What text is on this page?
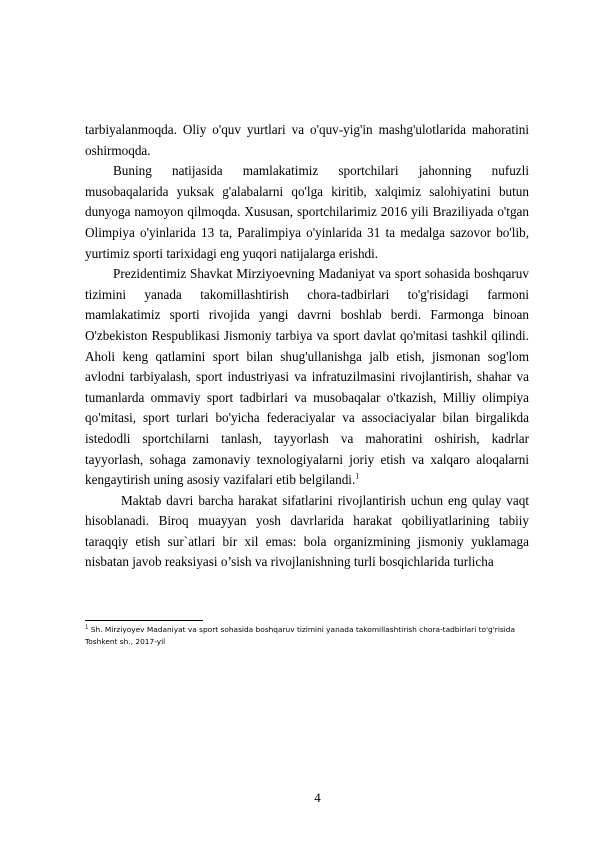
tarbiyalanmoqda. Oliy o'quv yurtlari va o'quv-yig'in mashg'ulotlarida mahoratini oshirmoqda.

Buning natijasida mamlakatimiz sportchilari jahonning nufuzli musobaqalarida yuksak g'alabalarni qo'lga kiritib, xalqimiz salohiyatini butun dunyoga namoyon qilmoqda. Xususan, sportchilarimiz 2016 yili Braziliyada o'tgan Olimpiya o'yinlarida 13 ta, Paralimpiya o'yinlarida 31 ta medalga sazovor bo'lib, yurtimiz sporti tarixidagi eng yuqori natijalarga erishdi.

Prezidentimiz Shavkat Mirziyoevning Madaniyat va sport sohasida boshqaruv tizimini yanada takomillashtirish chora-tadbirlari to'g'risidagi farmoni mamlakatimiz sporti rivojida yangi davrni boshlab berdi. Farmonga binoan O'zbekiston Respublikasi Jismoniy tarbiya va sport davlat qo'mitasi tashkil qilindi. Aholi keng qatlamini sport bilan shug'ullanishga jalb etish, jismonan sog'lom avlodni tarbiyalash, sport industriyasi va infratuzilmasini rivojlantirish, shahar va tumanlarda ommaviy sport tadbirlari va musobaqalar o'tkazish, Milliy olimpiya qo'mitasi, sport turlari bo'yicha federaciyalar va associaciyalar bilan birgalikda istedodli sportchilarni tanlash, tayyorlash va mahoratini oshirish, kadrlar tayyorlash, sohaga zamonaviy texnologiyalarni joriy etish va xalqaro aloqalarni kengaytirish uning asosiy vazifalari etib belgilandi.$^1$

Maktab davri barcha harakat sifatlarini rivojlantirish uchun eng qulay vaqt hisoblanadi. Biroq muayyan yosh davrlarida harakat qobiliyatlarining tabiiy taraqqiy etish sur`atlari bir xil emas: bola organizmining jismoniy yuklamaga nisbatan javob reaksiyasi o’sish va rivojlanishning turli bosqichlarida turlicha

$^1$ Sh. Mirziyoyev Madaniyat va sport sohasida boshqaruv tizimini yanada takomillashtirish chora-tadbirlari to'g'risida Toshkent sh., 2017-yil
4
